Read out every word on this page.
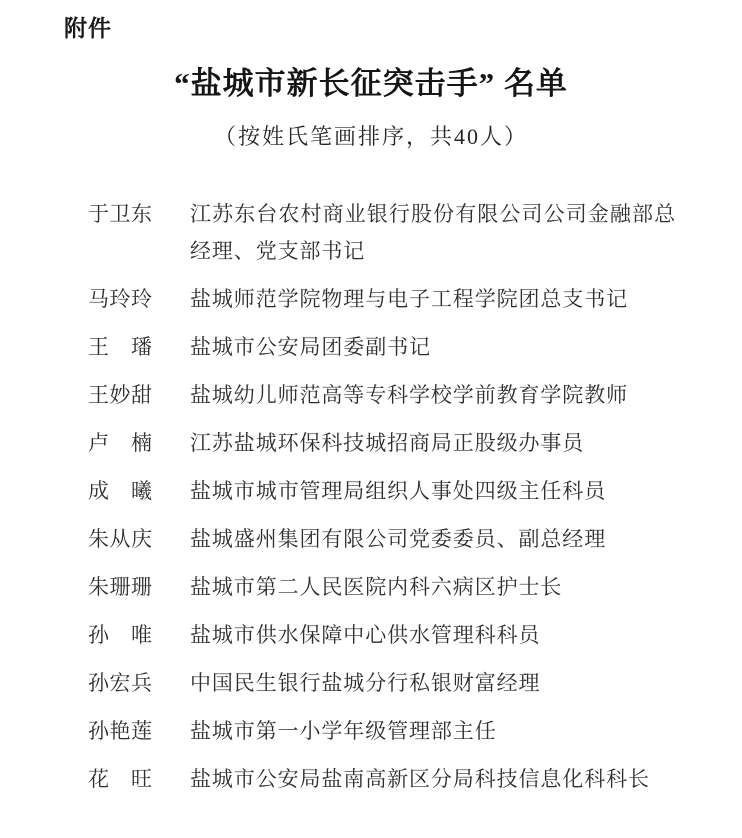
附件
“盐城市新长征突击手” 名单
（按姓氏笔画排序，共40人）
于卫东 江苏东台农村商业银行股份有限公司公司金融部总经理、党支部书记
马玲玲 盐城师范学院物理与电子工程学院团总支书记
王　璠 盐城市公安局团委副书记
王妙甜 盐城幼儿师范高等专科学校学前教育学院教师
卢　楠 江苏盐城环保科技城招商局正股级办事员
成　曦 盐城市城市管理局组织人事处四级主任科员
朱从庆 盐城盛州集团有限公司党委委员、副总经理
朱珊珊 盐城市第二人民医院内科六病区护士长
孙　唯 盐城市供水保障中心供水管理科科员
孙宏兵 中国民生银行盐城分行私银财富经理
孙艳莲 盐城市第一小学年级管理部主任
花　旺 盐城市公安局盐南高新区分局科技信息化科科长
